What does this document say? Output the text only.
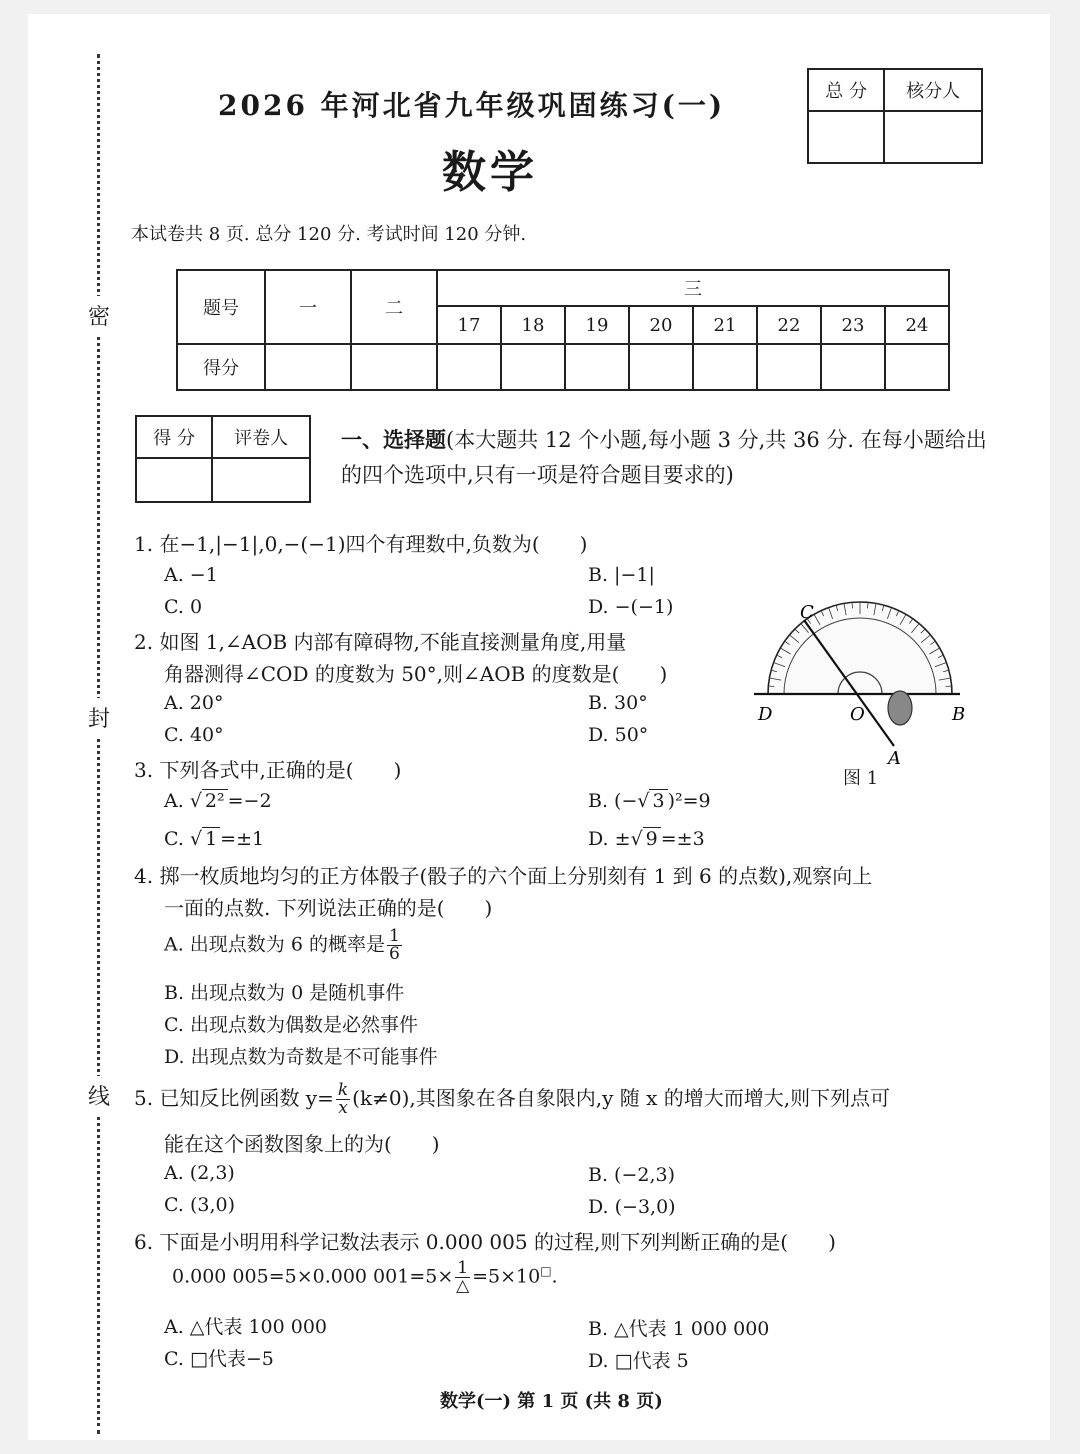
密
封
线
2026 年河北省九年级巩固练习(一)
数学
本试卷共 8 页. 总分 120 分. 考试时间 120 分钟.
总 分	核分人

题号	一	二	三							
			17	18	19	20	21	22	23	24
得分										
得 分	评卷人
		一、选择题(本大题共 12 个小题,每小题 3 分,共 36 分. 在每小题给出的四个选项中,只有一项是符合题目要求的)
1. 在−1,|−1|,0,−(−1)四个有理数中,负数为(　　)
A. −1	B. |−1|
C. 0	D. −(−1)
2. 如图 1,∠AOB 内部有障碍物,不能直接测量角度,用量
角器测得∠COD 的度数为 50°,则∠AOB 的度数是(　　)
A. 20°	B. 30°
C. 40°	D. 50°
C
D	O	B
A
图 1
3. 下列各式中,正确的是(　　)
A. √ 2² =−2	B. (−√ 3 )²=9
C. √ 1 =±1	D. ±√ 9 =±3
4. 掷一枚质地均匀的正方体骰子(骰子的六个面上分别刻有 1 到 6 的点数),观察向上
一面的点数. 下列说法正确的是(　　)
A. 出现点数为 6 的概率是 $\frac{1}{6}$
B. 出现点数为 0 是随机事件
C. 出现点数为偶数是必然事件
D. 出现点数为奇数是不可能事件
5. 已知反比例函数 $y= \frac{k}{x} (k\ne 0)$,其图象在各自象限内,y 随 x 的增大而增大,则下列点可
能在这个函数图象上的为(　　)
A. (2,3)	B. (−2,3)
C. (3,0)	D. (−3,0)
6. 下面是小明用科学记数法表示 0.000 005 的过程,则下列判断正确的是(　　)
0.000 005=5×0.000 $001=5\times \frac{1}{\triangle} =5\times 10^□$.
A. △代表 100 000	B. △代表 1 000 000
C. □代表−5	D. □代表 5
数学(一) 第 1 页 (共 8 页)
